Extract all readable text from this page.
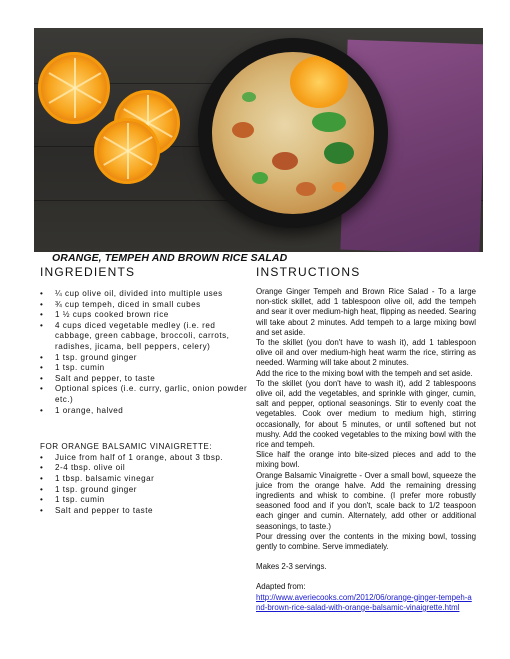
ORANGE, TEMPEH AND BROWN RICE SALAD
INGREDIENTS	INSTRUCTIONS
• ¼ cup olive oil, divided into multiple uses
• ¾ cup tempeh, diced in small cubes
• 1 ½ cups cooked brown rice
• 4 cups diced vegetable medley (i.e. red cabbage, green cabbage, broccoli, carrots, radishes, jicama, bell peppers, celery)
• 1 tsp. ground ginger
• 1 tsp. cumin
• Salt and pepper, to taste
• Optional spices (i.e. curry, garlic, onion powder etc.)
• 1 orange, halved
FOR ORANGE BALSAMIC VINAIGRETTE:
• Juice from half of 1 orange, about 3 tbsp.
• 2-4 tbsp. olive oil
• 1 tbsp. balsamic vinegar
• 1 tsp. ground ginger
• 1 tsp. cumin
• Salt and pepper to taste

Orange Ginger Tempeh and Brown Rice Salad - To a large non-stick skillet, add 1 tablespoon olive oil, add the tempeh and sear it over medium-high heat, flipping as needed. Searing will take about 2 minutes. Add tempeh to a large mixing bowl and set aside.

To the skillet (you don't have to wash it), add 1 tablespoon olive oil and over medium-high heat warm the rice, stirring as needed. Warming will take about 2 minutes.

Add the rice to the mixing bowl with the tempeh and set aside.

To the skillet (you don't have to wash it), add 2 tablespoons olive oil, add the vegetables, and sprinkle with ginger, cumin, salt and pepper, optional seasonings. Stir to evenly coat the vegetables. Cook over medium to medium high, stirring occasionally, for about 5 minutes, or until softened but not mushy. Add the cooked vegetables to the mixing bowl with the rice and tempeh.

Slice half the orange into bite-sized pieces and add to the mixing bowl.

Orange Balsamic Vinaigrette - Over a small bowl, squeeze the juice from the orange halve. Add the remaining dressing ingredients and whisk to combine. (I prefer more robustly seasoned food and if you don't, scale back to 1/2 teaspoon each ginger and cumin. Alternately, add other or additional seasonings, to taste.)

Pour dressing over the contents in the mixing bowl, tossing gently to combine. Serve immediately.

Makes 2-3 servings.

Adapted from:

http://www.averiecooks.com/2012/06/orange-ginger-tempeh-and-brown-rice-salad-with-orange-balsamic-vinaigrette.html
